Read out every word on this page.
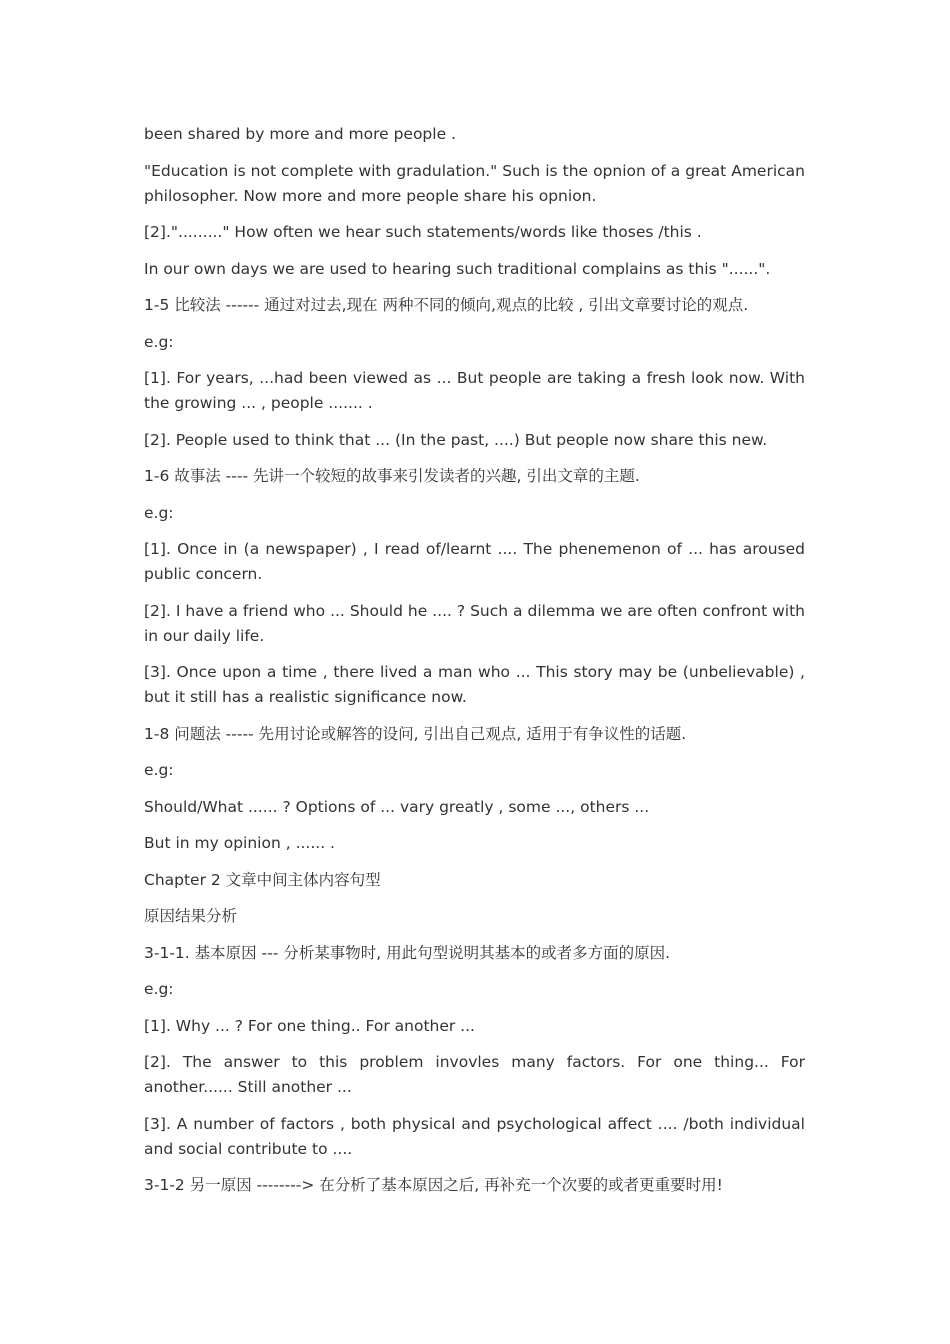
been shared by more and more people .

"Education is not complete with gradulation." Such is the opnion of a great American philosopher. Now more and more people share his opnion.

[2]."........." How often we hear such statements/words like thoses /this .

In our own days we are used to hearing such traditional complains as this "......".

1-5 比较法 ------ 通过对过去,现在 两种不同的倾向,观点的比较 , 引出文章要讨论的观点.

e.g:

[1]. For years, ...had been viewed as ... But people are taking a fresh look now. With the growing ... , people ....... .

[2]. People used to think that ... (In the past, ....) But people now share this new.

1-6 故事法 ---- 先讲一个较短的故事来引发读者的兴趣, 引出文章的主题.

e.g:

[1]. Once in (a newspaper) , I read of/learnt .... The phenemenon of ... has aroused public concern.

[2]. I have a friend who ... Should he .... ? Such a dilemma we are often confront with in our daily life.

[3]. Once upon a time , there lived a man who ... This story may be (unbelievable) , but it still has a realistic significance now.

1-8 问题法 ----- 先用讨论或解答的设问, 引出自己观点, 适用于有争议性的话题.

e.g:

Should/What ...... ? Options of ... vary greatly , some ..., others ...

But in my opinion , ...... .

Chapter 2 文章中间主体内容句型

原因结果分析

3-1-1. 基本原因 --- 分析某事物时, 用此句型说明其基本的或者多方面的原因.

e.g:

[1]. Why ... ? For one thing.. For another ...

[2]. The answer to this problem invovles many factors. For one thing... For another...... Still another ...

[3]. A number of factors , both physical and psychological affect .... /both individual and social contribute to ....

3-1-2 另一原因 --------> 在分析了基本原因之后, 再补充一个次要的或者更重要时用!
